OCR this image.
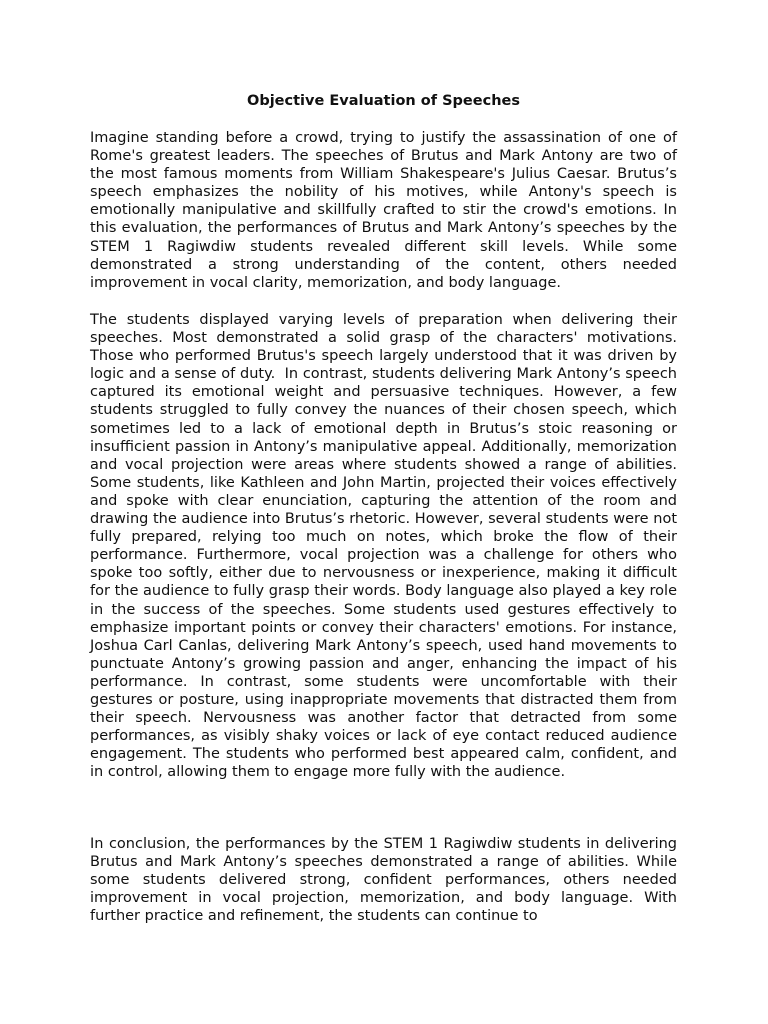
Objective Evaluation of Speeches

Imagine standing before a crowd, trying to justify the assassination of one of Rome's greatest leaders. The speeches of Brutus and Mark Antony are two of the most famous moments from William Shakespeare's Julius Caesar. Brutus’s speech emphasizes the nobility of his motives, while Antony's speech is emotionally manipulative and skillfully crafted to stir the crowd's emotions. In this evaluation, the performances of Brutus and Mark Antony’s speeches by the STEM 1 Ragiwdiw students revealed different skill levels. While some demonstrated a strong understanding of the content, others needed improvement in vocal clarity, memorization, and body language.

The students displayed varying levels of preparation when delivering their speeches. Most demonstrated a solid grasp of the characters' motivations. Those who performed Brutus's speech largely understood that it was driven by logic and a sense of duty.  In contrast, students delivering Mark Antony’s speech captured its emotional weight and persuasive techniques. However, a few students struggled to fully convey the nuances of their chosen speech, which sometimes led to a lack of emotional depth in Brutus’s stoic reasoning or insufficient passion in Antony’s manipulative appeal. Additionally, memorization and vocal projection were areas where students showed a range of abilities. Some students, like Kathleen and John Martin, projected their voices effectively and spoke with clear enunciation, capturing the attention of the room and drawing the audience into Brutus’s rhetoric. However, several students were not fully prepared, relying too much on notes, which broke the flow of their performance. Furthermore, vocal projection was a challenge for others who spoke too softly, either due to nervousness or inexperience, making it difficult for the audience to fully grasp their words. Body language also played a key role in the success of the speeches. Some students used gestures effectively to emphasize important points or convey their characters' emotions. For instance, Joshua Carl Canlas, delivering Mark Antony’s speech, used hand movements to punctuate Antony’s growing passion and anger, enhancing the impact of his performance. In contrast, some students were uncomfortable with their gestures or posture, using inappropriate movements that distracted them from their speech. Nervousness was another factor that detracted from some performances, as visibly shaky voices or lack of eye contact reduced audience engagement. The students who performed best appeared calm, confident, and in control, allowing them to engage more fully with the audience.

In conclusion, the performances by the STEM 1 Ragiwdiw students in delivering Brutus and Mark Antony’s speeches demonstrated a range of abilities. While some students delivered strong, confident performances, others needed improvement in vocal projection, memorization, and body language. With further practice and refinement, the students can continue to
